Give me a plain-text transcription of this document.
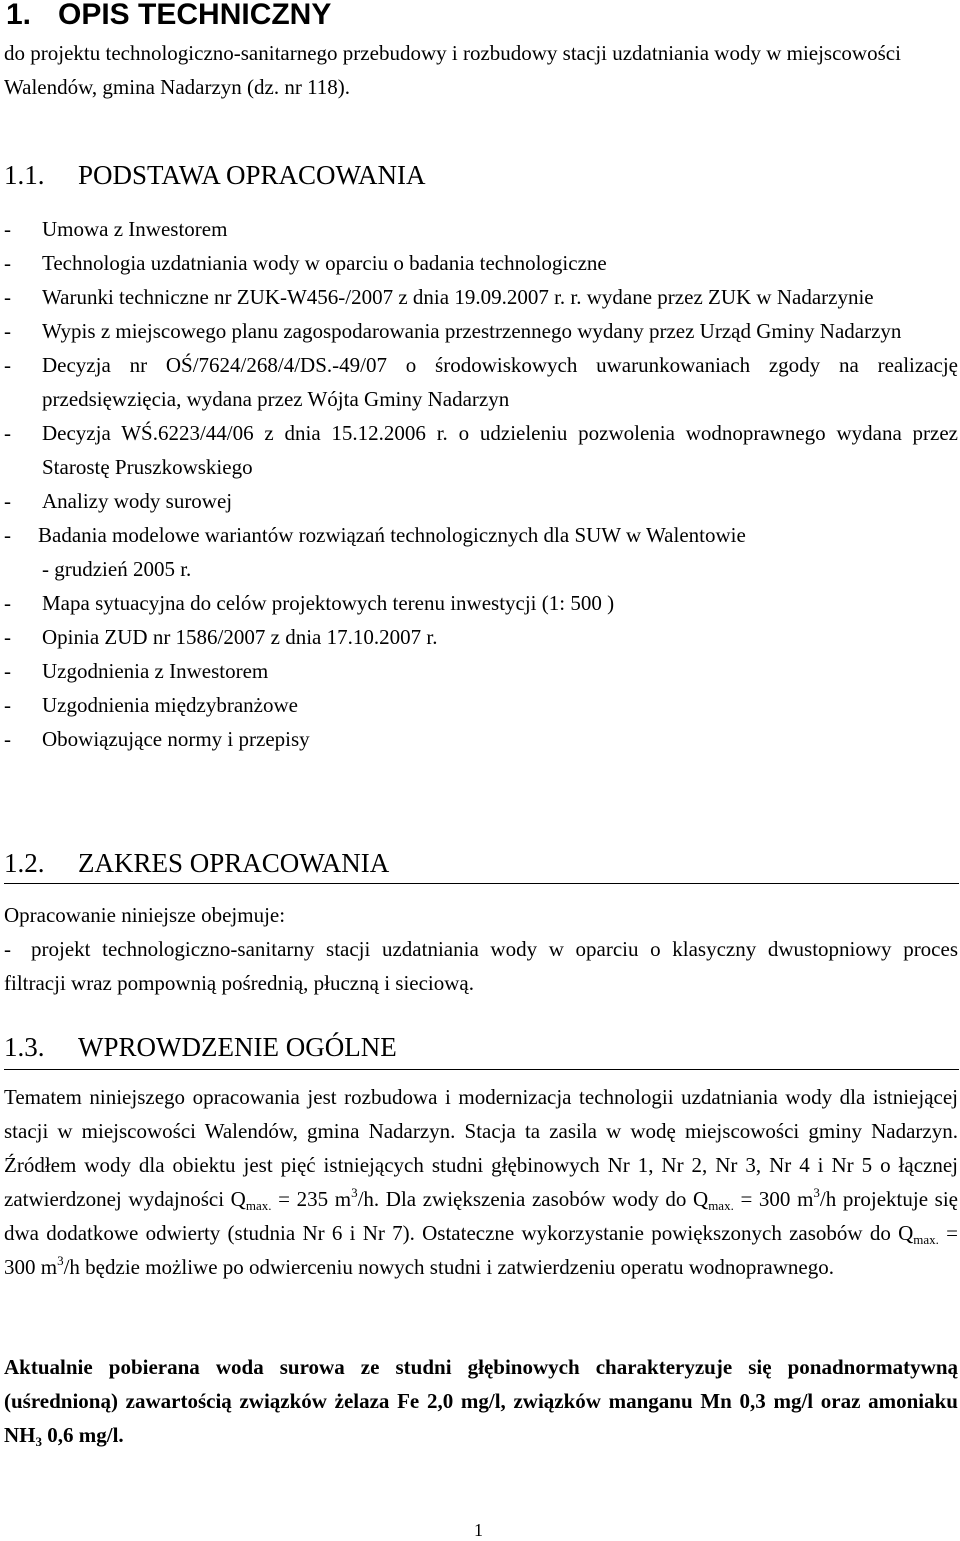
1. OPIS TECHNICZNY
do projektu technologiczno-sanitarnego przebudowy i rozbudowy stacji uzdatniania wody w miejscowości Walendów, gmina Nadarzyn (dz. nr 118).
1.1. PODSTAWA OPRACOWANIA
- Umowa z Inwestorem
- Technologia uzdatniania wody w oparciu o badania technologiczne
- Warunki techniczne nr ZUK-W456-/2007 z dnia 19.09.2007 r. r. wydane przez ZUK w Nadarzynie
- Wypis z miejscowego planu zagospodarowania przestrzennego wydany przez Urząd Gminy Nadarzyn
- Decyzja nr OŚ/7624/268/4/DS.-49/07 o środowiskowych uwarunkowaniach zgody na realizację przedsięwzięcia, wydana przez Wójta Gminy Nadarzyn
- Decyzja WŚ.6223/44/06 z dnia 15.12.2006 r. o udzieleniu pozwolenia wodnoprawnego wydana przez Starostę Pruszkowskiego
- Analizy wody surowej
- Badania modelowe wariantów rozwiązań technologicznych dla SUW w Walentowie
- grudzień 2005 r.
- Mapa sytuacyjna do celów projektowych terenu inwestycji (1: 500 )
- Opinia ZUD nr 1586/2007 z dnia 17.10.2007 r.
- Uzgodnienia z Inwestorem
- Uzgodnienia międzybranżowe
- Obowiązujące normy i przepisy
1.2. ZAKRES OPRACOWANIA
Opracowanie niniejsze obejmuje:
- projekt technologiczno-sanitarny stacji uzdatniania wody w oparciu o klasyczny dwustopniowy proces filtracji wraz pompownią pośrednią, płuczną i sieciową.
1.3. WPROWDZENIE OGÓLNE
Tematem niniejszego opracowania jest rozbudowa i modernizacja technologii uzdatniania wody dla istniejącej stacji w miejscowości Walendów, gmina Nadarzyn. Stacja ta zasila w wodę miejscowości gminy Nadarzyn. Źródłem wody dla obiektu jest pięć istniejących studni głębinowych Nr 1, Nr 2, Nr 3, Nr 4 i Nr 5 o łącznej zatwierdzonej wydajności $Q_{max.} = 235$ $m^3/h$. Dla zwiększenia zasobów wody do $Q_{max.} = 300$ $m^3/h$ projektuje się dwa dodatkowe odwierty (studnia Nr 6 i Nr 7). Ostateczne wykorzystanie powiększonych zasobów do $Q_{max.} = 300$ $m^3/h$ będzie możliwe po odwierceniu nowych studni i zatwierdzeniu operatu wodnoprawnego.
Aktualnie pobierana woda surowa ze studni głębinowych charakteryzuje się ponadnormatywną (uśrednioną) zawartością związków żelaza Fe 2,0 mg/l, związków manganu Mn 0,3 mg/l oraz amoniaku $NH_3$ 0,6 mg/l.
1
